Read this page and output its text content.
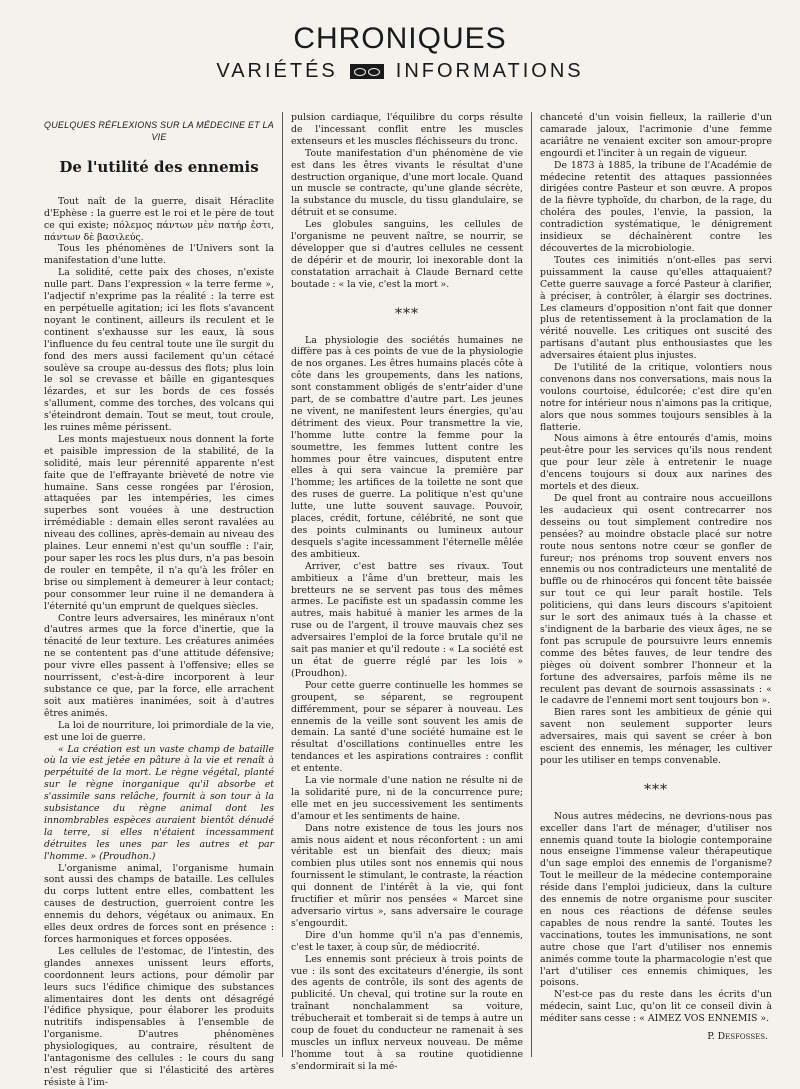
CHRONIQUES
VARIÉTÉS	INFORMATIONS
QUELQUES RÉFLEXIONS SUR LA MÉDECINE ET LA VIE
De l'utilité des ennemis

Tout naît de la guerre, disait Héraclite d'Ephèse : la guerre est le roi et le père de tout ce qui existe; πόλεμος πάντων μὲν πατήρ ἐστι, πάντων δὲ βασιλεύς.

Tous les phénomènes de l'Univers sont la manifestation d'une lutte.

La solidité, cette paix des choses, n'existe nulle part. Dans l'expression « la terre ferme », l'adjectif n'exprime pas la réalité : la terre est en perpétuelle agitation; ici les flots s'avancent noyant le continent, ailleurs ils reculent et le continent s'exhausse sur les eaux, là sous l'influence du feu central toute une île surgit du fond des mers aussi facilement qu'un cétacé soulève sa croupe au-dessus des flots; plus loin le sol se crevasse et bâille en gigantesques lézardes, et sur les bords de ces fossés s'allument, comme des torches, des volcans qui s'éteindront demain. Tout se meut, tout croule, les ruines même périssent.

Les monts majestueux nous donnent la forte et paisible impression de la stabilité, de la solidité, mais leur pérennité apparente n'est faite que de l'effrayante brièveté de notre vie humaine. Sans cesse rongées par l'érosion, attaquées par les intempéries, les cimes superbes sont vouées à une destruction irrémédiable : demain elles seront ravalées au niveau des collines, après-demain au niveau des plaines. Leur ennemi n'est qu'un souffle : l'air, pour saper les rocs les plus durs, n'a pas besoin de rouler en tempête, il n'a qu'à les frôler en brise ou simplement à demeurer à leur contact; pour consommer leur ruine il ne demandera à l'éternité qu'un emprunt de quelques siècles.

Contre leurs adversaires, les minéraux n'ont d'autres armes que la force d'inertie, que la ténacité de leur texture. Les créatures animées ne se contentent pas d'une attitude défensive; pour vivre elles passent à l'offensive; elles se nourrissent, c'est-à-dire incorporent à leur substance ce que, par la force, elle arrachent soit aux matières inanimées, soit à d'autres êtres animés.

La loi de nourriture, loi primordiale de la vie, est une loi de guerre.

« La création est un vaste champ de bataille où la vie est jetée en pâture à la vie et renaît à perpétuité de la mort. Le règne végétal, planté sur le règne inorganique qu'il absorbe et s'assimile sans relâche, fournit à son tour à la subsistance du règne animal dont les innombrables espèces auraient bientôt dénudé la terre, si elles n'étaient incessamment détruites les unes par les autres et par l'homme. » (Proudhon.)

L'organisme animal, l'organisme humain sont aussi des champs de bataille. Les cellules du corps luttent entre elles, combattent les causes de destruction, guerroient contre les ennemis du dehors, végétaux ou animaux. En elles deux ordres de forces sont en présence : forces harmoniques et forces opposées.

Les cellules de l'estomac, de l'intestin, des glandes annexes unissent leurs efforts, coordonnent leurs actions, pour démolir par leurs sucs l'édifice chimique des substances alimentaires dont les dents ont désagrégé l'édifice physique, pour élaborer les produits nutritifs indispensables à l'ensemble de l'organisme. D'autres phénomènes physiologiques, au contraire, résultent de l'antagonisme des cellules : le cours du sang n'est régulier que si l'élasticité des artères résiste à l'im-

pulsion cardiaque, l'équilibre du corps résulte de l'incessant conflit entre les muscles extenseurs et les muscles fléchisseurs du tronc.

Toute manifestation d'un phénomène de vie est dans les êtres vivants le résultat d'une destruction organique, d'une mort locale. Quand un muscle se contracte, qu'une glande sécrète, la substance du muscle, du tissu glandulaire, se détruit et se consume.

Les globules sanguins, les cellules de l'organisme ne peuvent naître, se nourrir, se développer que si d'autres cellules ne cessent de dépérir et de mourir, loi inexorable dont la constatation arrachait à Claude Bernard cette boutade : « la vie, c'est la mort ».

***

La physiologie des sociétés humaines ne diffère pas à ces points de vue de la physiologie de nos organes. Les êtres humains placés côte à côte dans les groupements, dans les nations, sont constamment obligés de s'entr'aider d'une part, de se combattre d'autre part. Les jeunes ne vivent, ne manifestent leurs énergies, qu'au détriment des vieux. Pour transmettre la vie, l'homme lutte contre la femme pour la soumettre, les femmes luttent contre les hommes pour être vaincues, disputent entre elles à qui sera vaincue la première par l'homme; les artifices de la toilette ne sont que des ruses de guerre. La politique n'est qu'une lutte, une lutte souvent sauvage. Pouvoir, places, crédit, fortune, célébrité, ne sont que des points culminants ou lumineux autour desquels s'agite incessamment l'éternelle mêlée des ambitieux.

Arriver, c'est battre ses rivaux. Tout ambitieux a l'âme d'un bretteur, mais les bretteurs ne se servent pas tous des mêmes armes. Le pacifiste est un spadassin comme les autres, mais habitué à manier les armes de la ruse ou de l'argent, il trouve mauvais chez ses adversaires l'emploi de la force brutale qu'il ne sait pas manier et qu'il redoute : « La société est un état de guerre réglé par les lois » (Proudhon).

Pour cette guerre continuelle les hommes se groupent, se séparent, se regroupent différemment, pour se séparer à nouveau. Les ennemis de la veille sont souvent les amis de demain. La santé d'une société humaine est le résultat d'oscillations continuelles entre les tendances et les aspirations contraires : conflit et entente.

La vie normale d'une nation ne résulte ni de la solidarité pure, ni de la concurrence pure; elle met en jeu successivement les sentiments d'amour et les sentiments de haine.

Dans notre existence de tous les jours nos amis nous aident et nous réconfortent : un ami véritable est un bienfait des dieux; mais combien plus utiles sont nos ennemis qui nous fournissent le stimulant, le contraste, la réaction qui donnent de l'intérêt à la vie, qui font fructifier et mûrir nos pensées « Marcet sine adversario virtus », sans adversaire le courage s'engourdit.

Dire d'un homme qu'il n'a pas d'ennemis, c'est le taxer, à coup sûr, de médiocrité.

Les ennemis sont précieux à trois points de vue : ils sont des excitateurs d'énergie, ils sont des agents de contrôle, ils sont des agents de publicité. Un cheval, qui trotine sur la route en traînant nonchalamment sa voiture, trébucherait et tomberait si de temps à autre un coup de fouet du conducteur ne ramenait à ses muscles un influx nerveux nouveau. De même l'homme tout à sa routine quotidienne s'endormirait si la mé-

chanceté d'un voisin fielleux, la raillerie d'un camarade jaloux, l'acrimonie d'une femme acariâtre ne venaient exciter son amour-propre engourdi et l'inciter à un regain de vigueur.

De 1873 à 1885, la tribune de l'Académie de médecine retentit des attaques passionnées dirigées contre Pasteur et son œuvre. A propos de la fièvre typhoïde, du charbon, de la rage, du choléra des poules, l'envie, la passion, la contradiction systématique, le dénigrement insidieux se déchaînèrent contre les découvertes de la microbiologie.

Toutes ces inimitiés n'ont-elles pas servi puissamment la cause qu'elles attaquaient? Cette guerre sauvage a forcé Pasteur à clarifier, à préciser, à contrôler, à élargir ses doctrines. Les clameurs d'opposition n'ont fait que donner plus de retentissement à la proclamation de la vérité nouvelle. Les critiques ont suscité des partisans d'autant plus enthousiastes que les adversaires étaient plus injustes.

De l'utilité de la critique, volontiers nous convenons dans nos conversations, mais nous la voulons courtoise, édulcorée; c'est dire qu'en notre for intérieur nous n'aimons pas la critique, alors que nous sommes toujours sensibles à la flatterie.

Nous aimons à être entourés d'amis, moins peut-être pour les services qu'ils nous rendent que pour leur zèle à entretenir le nuage d'encens toujours si doux aux narines des mortels et des dieux.

De quel front au contraire nous accueillons les audacieux qui osent contrecarrer nos desseins ou tout simplement contredire nos pensées? au moindre obstacle placé sur notre route nous sentons notre cœur se gonfler de fureur; nos prénoms trop souvent envers nos ennemis ou nos contradicteurs une mentalité de buffle ou de rhinocéros qui foncent tête baissée sur tout ce qui leur paraît hostile. Tels politiciens, qui dans leurs discours s'apitoient sur le sort des animaux tués à la chasse et s'indignent de la barbarie des vieux âges, ne se font pas scrupule de poursuivre leurs ennemis comme des bêtes fauves, de leur tendre des pièges où doivent sombrer l'honneur et la fortune des adversaires, parfois même ils ne reculent pas devant de sournois assassinats : « le cadavre de l'ennemi mort sent toujours bon ».

Bien rares sont les ambitieux de génie qui savent non seulement supporter leurs adversaires, mais qui savent se créer à bon escient des ennemis, les ménager, les cultiver pour les utiliser en temps convenable.

***

Nous autres médecins, ne devrions-nous pas exceller dans l'art de ménager, d'utiliser nos ennemis quand toute la biologie contemporaine nous enseigne l'immense valeur thérapeutique d'un sage emploi des ennemis de l'organisme? Tout le meilleur de la médecine contemporaine réside dans l'emploi judicieux, dans la culture des ennemis de notre organisme pour susciter en nous ces réactions de défense seules capables de nous rendre la santé. Toutes les vaccinations, toutes les immunisations, ne sont autre chose que l'art d'utiliser nos ennemis animés comme toute la pharmacologie n'est que l'art d'utiliser ces ennemis chimiques, les poisons.

N'est-ce pas du reste dans les écrits d'un médecin, saint Luc, qu'on lit ce conseil divin à méditer sans cesse : « AIMEZ VOS ENNEMIS ».

P. Desfosses.
